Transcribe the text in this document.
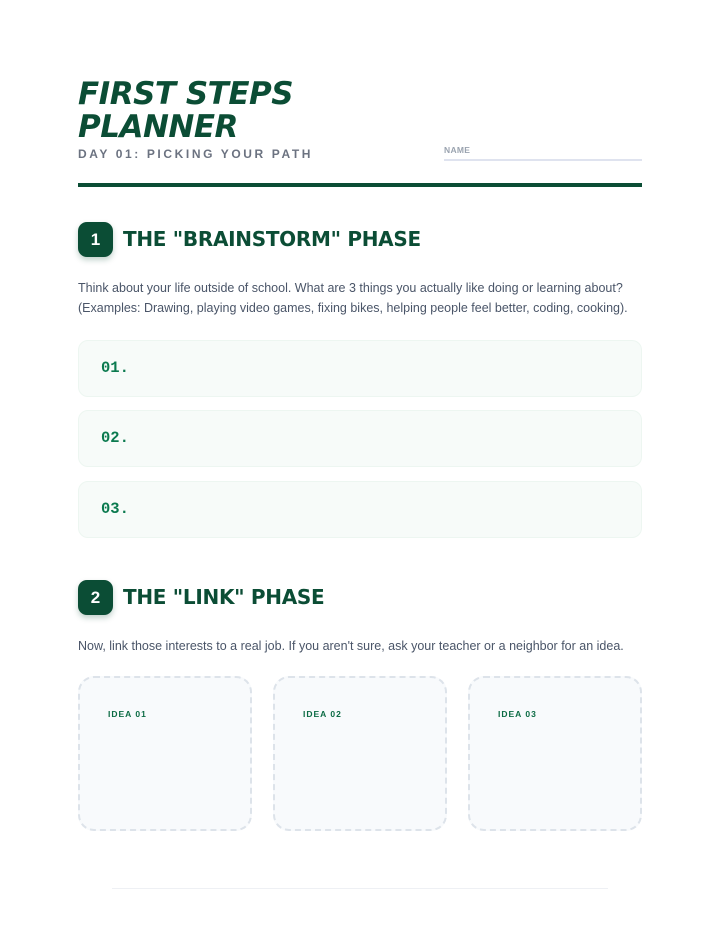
FIRST STEPS
PLANNER
DAY 01: PICKING YOUR PATH	NAME
1	THE "BRAINSTORM" PHASE
Think about your life outside of school. What are 3 things you actually like doing or learning about?
(Examples: Drawing, playing video games, fixing bikes, helping people feel better, coding, cooking).
01.
02.
03.
2	THE "LINK" PHASE
Now, link those interests to a real job. If you aren't sure, ask your teacher or a neighbor for an idea.
IDEA 01	IDEA 02	IDEA 03
